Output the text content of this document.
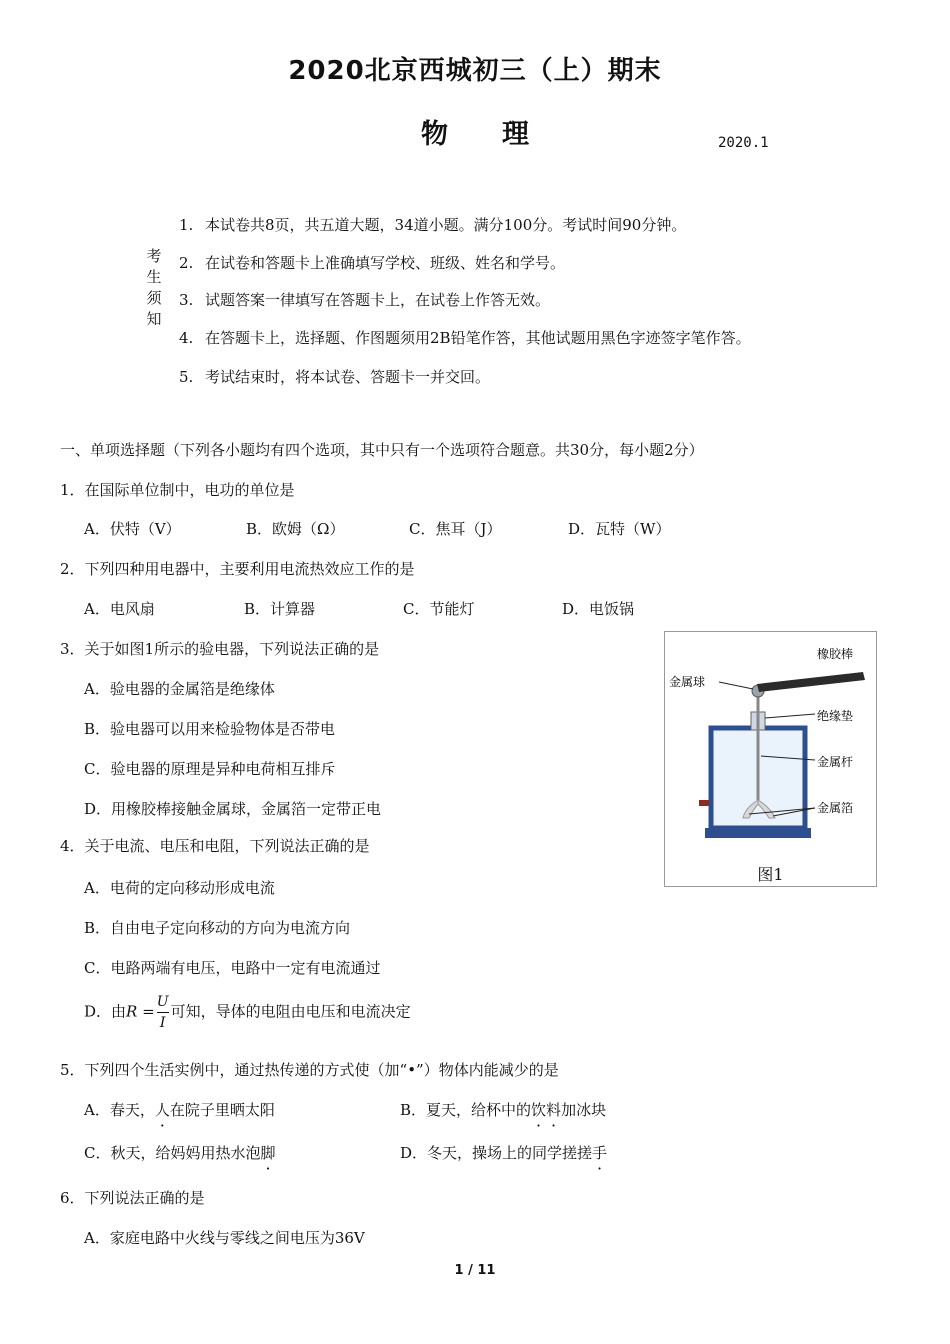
2020北京西城初三（上）期末
物　　理	2020.1
考生须知
1. 本试卷共8页，共五道大题，34道小题。满分100分。考试时间90分钟。
2. 在试卷和答题卡上准确填写学校、班级、姓名和学号。
3. 试题答案一律填写在答题卡上，在试卷上作答无效。
4. 在答题卡上，选择题、作图题须用2B铅笔作答，其他试题用黑色字迹签字笔作答。
5. 考试结束时，将本试卷、答题卡一并交回。
一、单项选择题（下列各小题均有四个选项，其中只有一个选项符合题意。共30分，每小题2分）
1．在国际单位制中，电功的单位是
A．伏特（V）	B．欧姆（Ω）	C．焦耳（J）	D．瓦特（W）
2．下列四种用电器中，主要利用电流热效应工作的是
A．电风扇	B．计算器	C．节能灯	D．电饭锅
3．关于如图1所示的验电器，下列说法正确的是
A．验电器的金属箔是绝缘体
B．验电器可以用来检验物体是否带电
C．验电器的原理是异种电荷相互排斥
D．用橡胶棒接触金属球，金属箔一定带正电
橡胶棒
金属球
绝缘垫
金属杆
金属箔
图1
4．关于电流、电压和电阻，下列说法正确的是
A．电荷的定向移动形成电流
B．自由电子定向移动的方向为电流方向
C．电路两端有电压，电路中一定有电流通过
D．由$R = \frac{U}{I}$ 可知，导体的电阻由电压和电流决定
5．下列四个生活实例中，通过热传递的方式使（加“•”）物体内能减少的是
A．春天，人在院子里晒太阳	B．夏天，给杯中的饮料加冰块
C．秋天，给妈妈用热水泡脚	D．冬天，操场上的同学搓搓手
6．下列说法正确的是
A．家庭电路中火线与零线之间电压为36V
1 / 11
